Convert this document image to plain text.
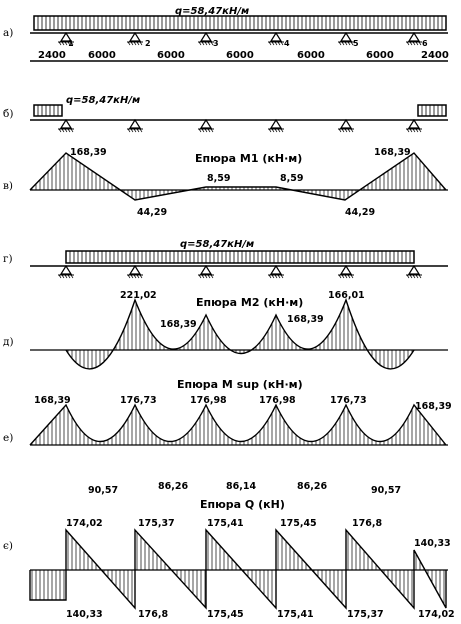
а)
б)
в)
г)
д)
е)
є)
q=58,47кН/м
1	2	3	4	5	6
2400 6000	6000	6000	6000	6000	2400
q=58,47кН/м
Епюра M1 (кН·м)
168,39	168,39
44,29
8,59	8,59
44,29
q=58,47кН/м
Епюра M2 (кН·м)
221,02
168,39	168,39
166,01
Епюра M sup (кН·м)
168,39	176,73	176,98	176,98	176,73
168,39
90,57	86,26	86,14	86,26	90,57
Епюра Q (кН)
174,02	175,37	175,41	175,45	176,8
140,33
140,33	176,8	175,45	175,41	175,37	174,02
